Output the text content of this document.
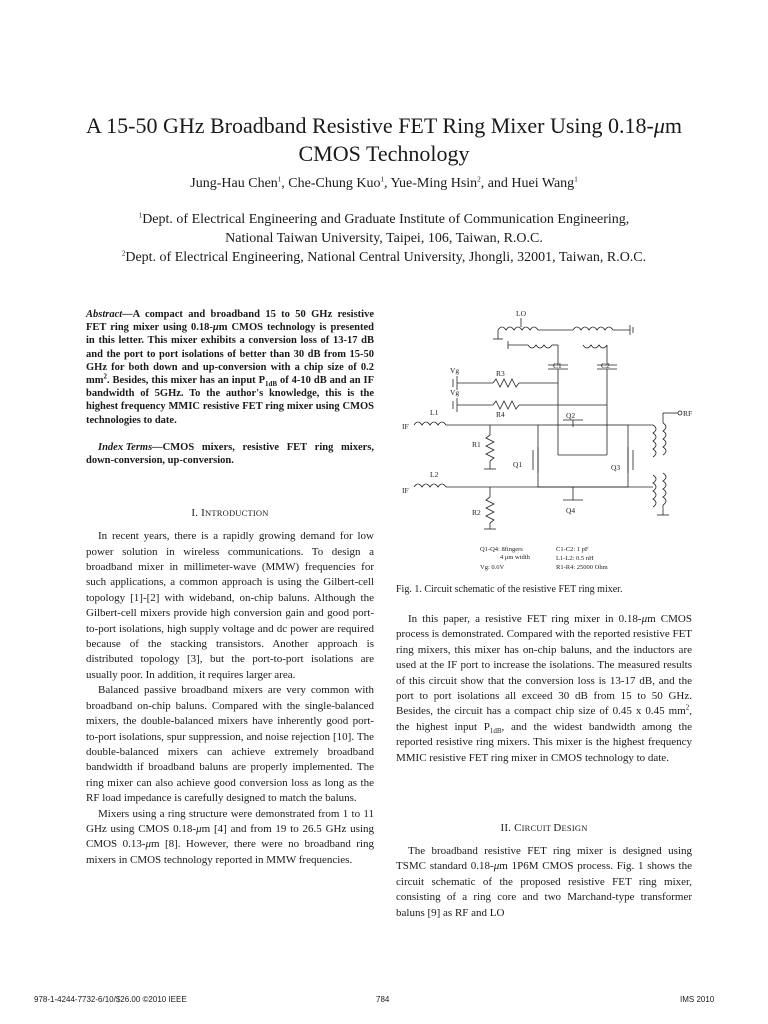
A 15-50 GHz Broadband Resistive FET Ring Mixer Using 0.18-μm
CMOS Technology
Jung-Hau Chen$^1$, Che-Chung Kuo$^1$, Yue-Ming Hsin$^2$, and Huei Wang$^1$
$^1$Dept. of Electrical Engineering and Graduate Institute of Communication Engineering,
National Taiwan University, Taipei, 106, Taiwan, R.O.C.
$^2$Dept. of Electrical Engineering, National Central University, Jhongli, 32001, Taiwan, R.O.C.

Abstract—A compact and broadband 15 to 50 GHz resistive FET ring mixer using 0.18-μm CMOS technology is presented in this letter. This mixer exhibits a conversion loss of 13-17 dB and the port to port isolations of better than 30 dB from 15-50 GHz for both down and up-conversion with a chip size of 0.2 $mm^2$. Besides, this mixer has an input $P_{1dB}$ of 4-10 dB and an IF bandwidth of 5GHz. To the author's knowledge, this is the highest frequency MMIC resistive FET ring mixer using CMOS technologies to date.

Index Terms—CMOS mixers, resistive FET ring mixers, down-conversion, up-conversion.

I. INTRODUCTION

In recent years, there is a rapidly growing demand for low power solution in wireless communications. To design a broadband mixer in millimeter-wave (MMW) frequencies for such applications, a common approach is using the Gilbert-cell topology [1]-[2] with wideband, on-chip baluns. Although the Gilbert-cell mixers provide high conversion gain and good port-to-port isolations, high supply voltage and dc power are required because of the stacking transistors. Another approach is distributed topology [3], but the port-to-port isolations are usually poor. In addition, it requires larger area.

Balanced passive broadband mixers are very common with broadband on-chip baluns. Compared with the single-balanced mixers, the double-balanced mixers have inherently good port-to-port isolations, spur suppression, and noise rejection [10]. The double-balanced mixers can achieve extremely broadband bandwidth if broadband baluns are properly implemented. The ring mixer can also achieve good conversion loss as long as the RF load impedance is carefully designed to match the baluns.

Mixers using a ring structure were demonstrated from 1 to 11 GHz using CMOS 0.18-μm [4] and from 19 to 26.5 GHz using CMOS 0.13-μm [8]. However, there were no broadband ring mixers in CMOS technology reported in MMW frequencies.

LO
C1	C2
Vg
Vg
R3
R4
IF
L1
R1
IF
L2
R2
Q2
Q1	Q3
Q4
RF
Q1-Q4: 8fingers
4 μm width
Vg: 0.6V
C1-C2: 1 pF
L1-L2: 0.5 nH
R1-R4: 25000 Ohm

Fig. 1. Circuit schematic of the resistive FET ring mixer.

In this paper, a resistive FET ring mixer in 0.18-μm CMOS process is demonstrated. Compared with the reported resistive FET ring mixers, this mixer has on-chip baluns, and the inductors are used at the IF port to increase the isolations. The measured results of this circuit show that the conversion loss is 13-17 dB, and the port to port isolations all exceed 30 dB from 15 to 50 GHz. Besides, the circuit has a compact chip size of 0.45 x 0.45 $mm^2$, the highest input $P_{1dB}$, and the widest bandwidth among the reported resistive ring mixers. This mixer is the highest frequency MMIC resistive FET ring mixer in CMOS technology to date.

II. CIRCUIT DESIGN

The broadband resistive FET ring mixer is designed using TSMC standard 0.18-μm 1P6M CMOS process. Fig. 1 shows the circuit schematic of the proposed resistive FET ring mixer, consisting of a ring core and two Marchand-type transformer baluns [9] as RF and LO

978-1-4244-7732-6/10/$26.00 ©2010 IEEE	784	IMS 2010
